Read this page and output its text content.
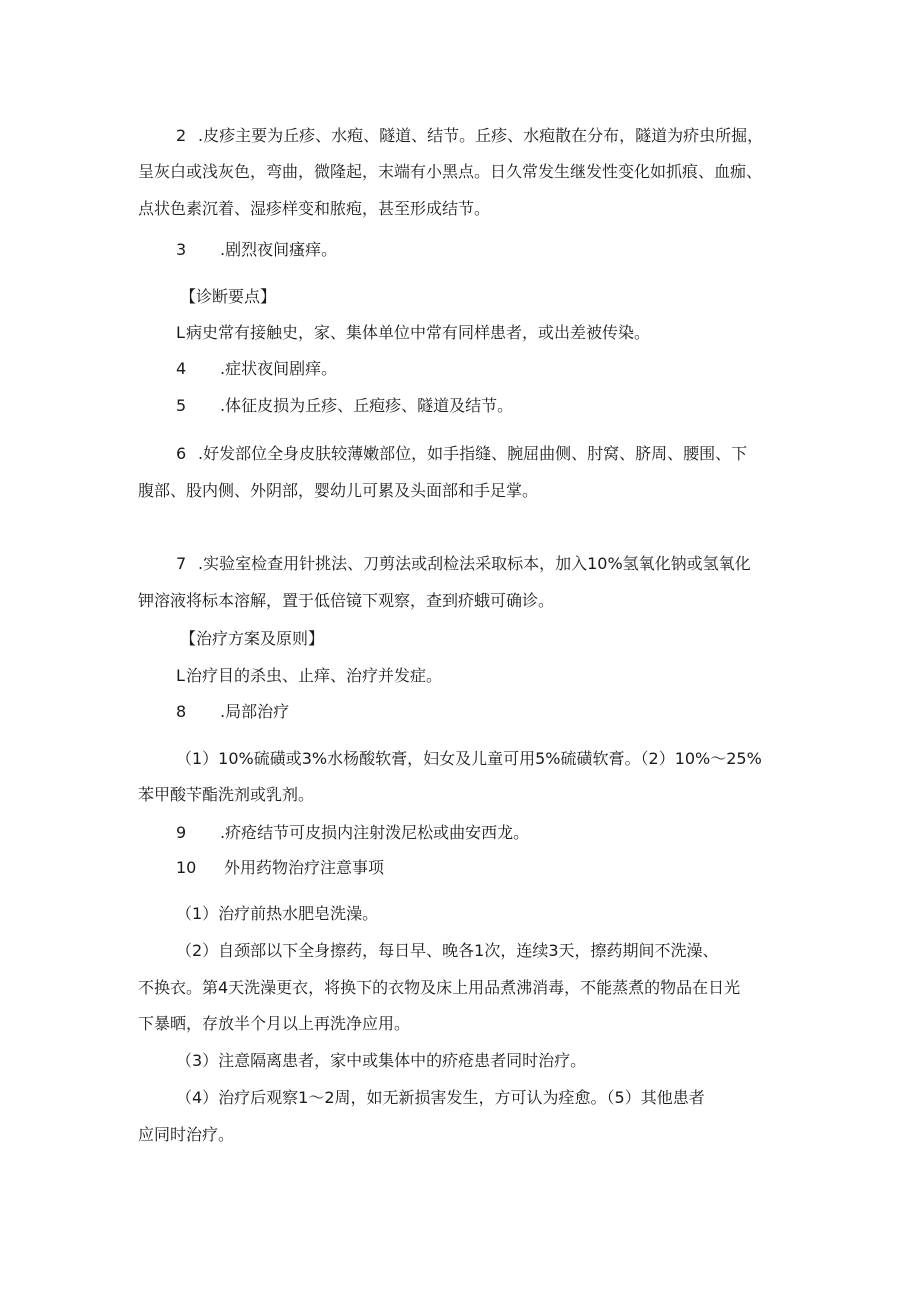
2 .皮疹主要为丘疹、水疱、隧道、结节。丘疹、水疱散在分布，隧道为疥虫所掘，
呈灰白或浅灰色，弯曲，微隆起，末端有小黑点。日久常发生继发性变化如抓痕、血痂、
点状色素沉着、湿疹样变和脓疱，甚至形成结节。
3 .剧烈夜间瘙痒。
【诊断要点】
L病史常有接触史，家、集体单位中常有同样患者，或出差被传染。
4 .症状夜间剧痒。
5 .体征皮损为丘疹、丘疱疹、隧道及结节。
6 .好发部位全身皮肤较薄嫩部位，如手指缝、腕屈曲侧、肘窝、脐周、腰围、下
腹部、股内侧、外阴部，婴幼儿可累及头面部和手足掌。
7 .实验室检查用针挑法、刀剪法或刮检法采取标本，加入10%氢氧化钠或氢氧化
钾溶液将标本溶解，置于低倍镜下观察，查到疥蛾可确诊。
【治疗方案及原则】
L治疗目的杀虫、止痒、治疗并发症。
8 .局部治疗
（1）10%硫磺或3%水杨酸软膏，妇女及儿童可用5%硫磺软膏。（2）10%～25%
苯甲酸苄酯洗剂或乳剂。
9 .疥疮结节可皮损内注射泼尼松或曲安西龙。
10 外用药物治疗注意事项
（1）治疗前热水肥皂洗澡。
（2）自颈部以下全身擦药，每日早、晚各1次，连续3天，擦药期间不洗澡、
不换衣。第4天洗澡更衣，将换下的衣物及床上用品煮沸消毒，不能蒸煮的物品在日光
下暴晒，存放半个月以上再洗净应用。
（3）注意隔离患者，家中或集体中的疥疮患者同时治疗。
（4）治疗后观察1～2周，如无新损害发生，方可认为痊愈。（5）其他患者
应同时治疗。
